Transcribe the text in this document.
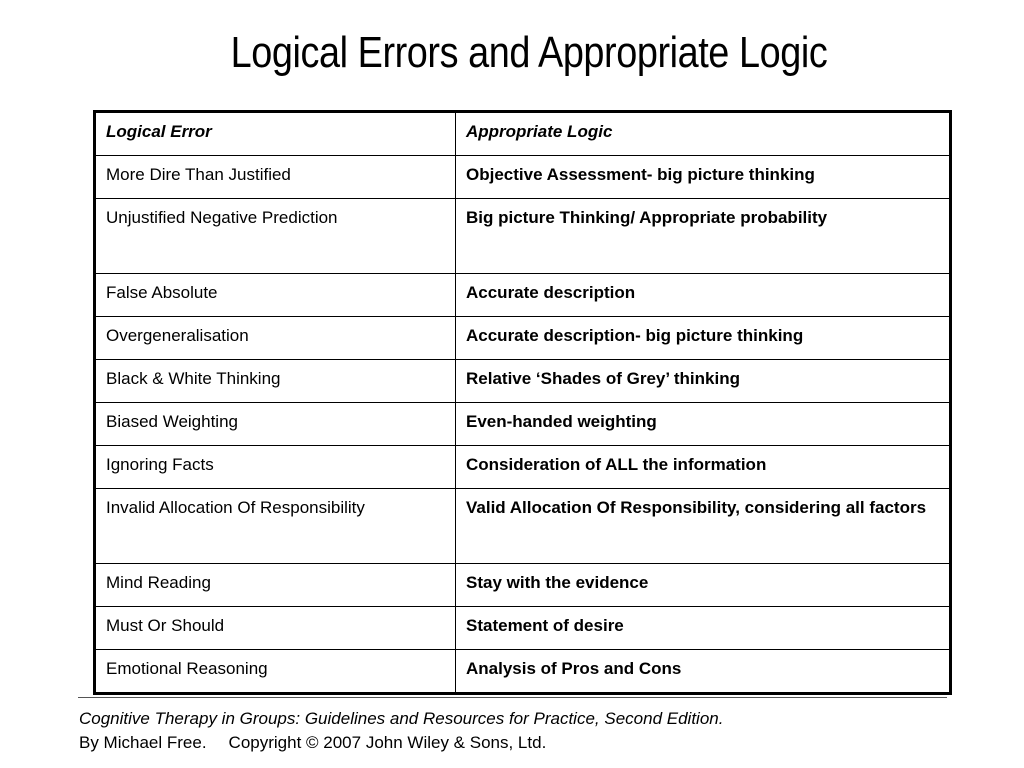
Logical Errors and Appropriate Logic
Logical Error	Appropriate Logic
More Dire Than Justified	Objective Assessment- big picture thinking
Unjustified Negative Prediction	Big picture Thinking/ Appropriate probability
False Absolute	Accurate description
Overgeneralisation	Accurate description- big picture thinking
Black & White Thinking	Relative ‘Shades of Grey’ thinking
Biased Weighting	Even-handed weighting
Ignoring Facts	Consideration of ALL the information
Invalid Allocation Of Responsibility	Valid Allocation Of Responsibility, considering all factors
Mind Reading	Stay with the evidence
Must Or Should	Statement of desire
Emotional Reasoning	Analysis of Pros and Cons
Cognitive Therapy in Groups: Guidelines and Resources for Practice, Second Edition.
By Michael Free. Copyright © 2007 John Wiley & Sons, Ltd.
